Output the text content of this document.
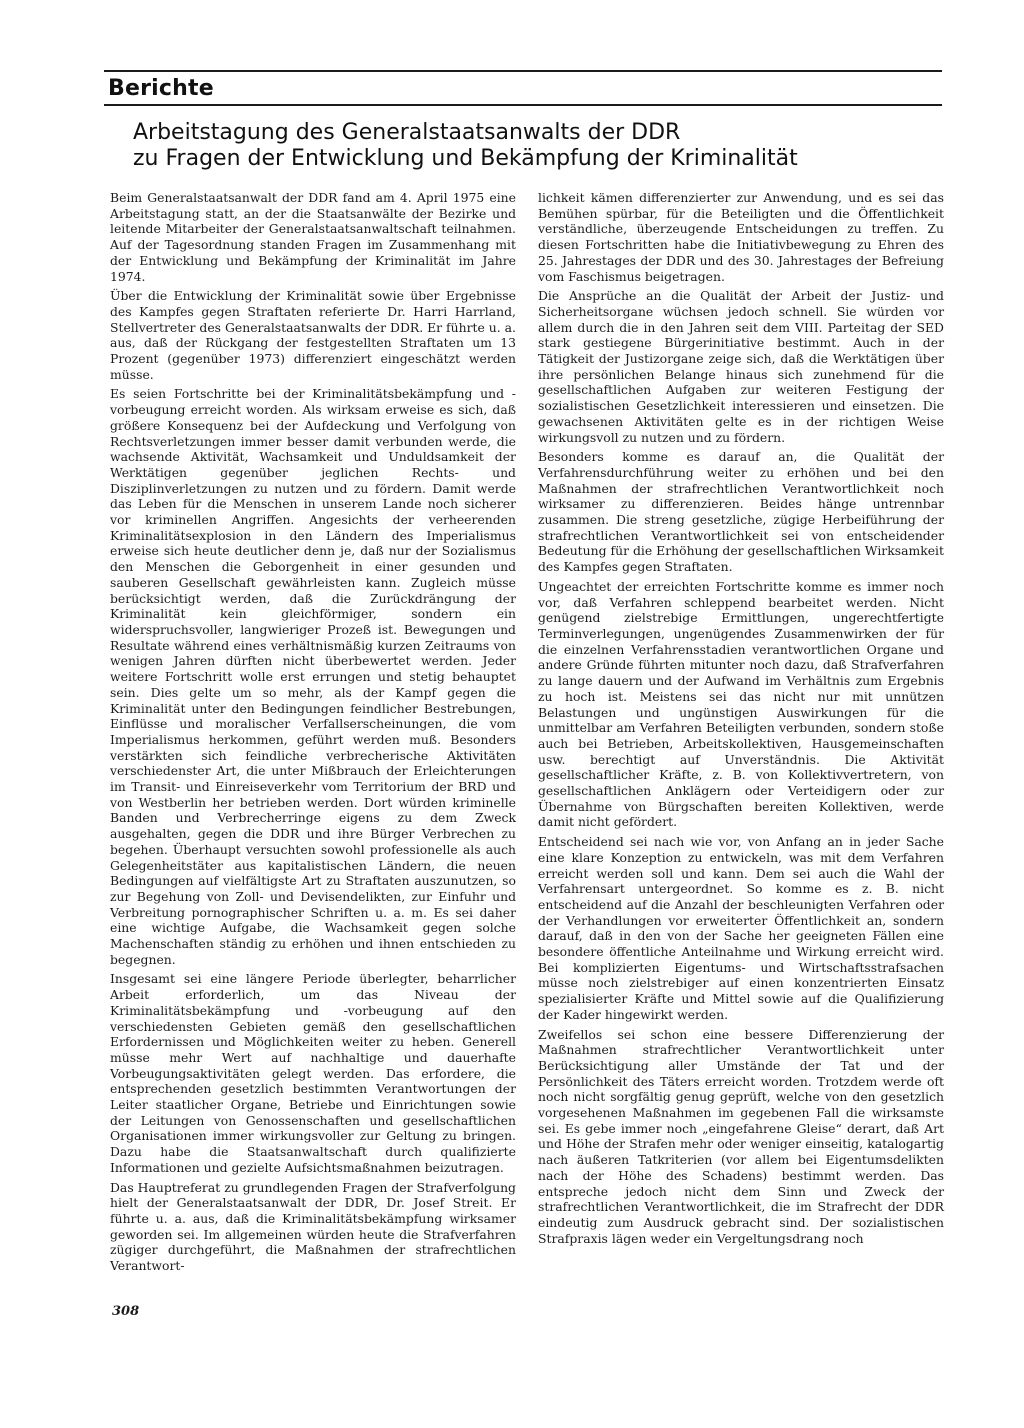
Berichte
Arbeitstagung des Generalstaatsanwalts der DDR
zu Fragen der Entwicklung und Bekämpfung der Kriminalität

Beim Generalstaatsanwalt der DDR fand am 4. April 1975 eine Arbeitstagung statt, an der die Staatsanwälte der Bezirke und leitende Mitarbeiter der Generalstaatsanwaltschaft teilnahmen. Auf der Tagesordnung standen Fragen im Zusammenhang mit der Entwicklung und Bekämpfung der Kriminalität im Jahre 1974.

Über die Entwicklung der Kriminalität sowie über Ergebnisse des Kampfes gegen Straftaten referierte Dr. Harri Harrland, Stellvertreter des Generalstaatsanwalts der DDR. Er führte u. a. aus, daß der Rückgang der festgestellten Straftaten um 13 Prozent (gegenüber 1973) differenziert eingeschätzt werden müsse.

Es seien Fortschritte bei der Kriminalitätsbekämpfung und -vorbeugung erreicht worden. Als wirksam erweise es sich, daß größere Konsequenz bei der Aufdeckung und Verfolgung von Rechtsverletzungen immer besser damit verbunden werde, die wachsende Aktivität, Wachsamkeit und Unduldsamkeit der Werktätigen gegenüber jeglichen Rechts- und Disziplinverletzungen zu nutzen und zu fördern. Damit werde das Leben für die Menschen in unserem Lande noch sicherer vor kriminellen Angriffen. Angesichts der verheerenden Kriminalitätsexplosion in den Ländern des Imperialismus erweise sich heute deutlicher denn je, daß nur der Sozialismus den Menschen die Geborgenheit in einer gesunden und sauberen Gesellschaft gewährleisten kann. Zugleich müsse berücksichtigt werden, daß die Zurückdrängung der Kriminalität kein gleichförmiger, sondern ein widerspruchsvoller, langwieriger Prozeß ist. Bewegungen und Resultate während eines verhältnismäßig kurzen Zeitraums von wenigen Jahren dürften nicht überbewertet werden. Jeder weitere Fortschritt wolle erst errungen und stetig behauptet sein. Dies gelte um so mehr, als der Kampf gegen die Kriminalität unter den Bedingungen feindlicher Bestrebungen, Einflüsse und moralischer Verfallserscheinungen, die vom Imperialismus herkommen, geführt werden muß. Besonders verstärkten sich feindliche verbrecherische Aktivitäten verschiedenster Art, die unter Mißbrauch der Erleichterungen im Transit- und Einreiseverkehr vom Territorium der BRD und von Westberlin her betrieben werden. Dort würden kriminelle Banden und Verbrecherringe eigens zu dem Zweck ausgehalten, gegen die DDR und ihre Bürger Verbrechen zu begehen. Überhaupt versuchten sowohl professionelle als auch Gelegenheitstäter aus kapitalistischen Ländern, die neuen Bedingungen auf vielfältigste Art zu Straftaten auszunutzen, so zur Begehung von Zoll- und Devisendelikten, zur Einfuhr und Verbreitung pornographischer Schriften u. a. m. Es sei daher eine wichtige Aufgabe, die Wachsamkeit gegen solche Machenschaften ständig zu erhöhen und ihnen entschieden zu begegnen.

Insgesamt sei eine längere Periode überlegter, beharrlicher Arbeit erforderlich, um das Niveau der Kriminalitätsbekämpfung und -vorbeugung auf den verschiedensten Gebieten gemäß den gesellschaftlichen Erfordernissen und Möglichkeiten weiter zu heben. Generell müsse mehr Wert auf nachhaltige und dauerhafte Vorbeugungsaktivitäten gelegt werden. Das erfordere, die entsprechenden gesetzlich bestimmten Verantwortungen der Leiter staatlicher Organe, Betriebe und Einrichtungen sowie der Leitungen von Genossenschaften und gesellschaftlichen Organisationen immer wirkungsvoller zur Geltung zu bringen. Dazu habe die Staatsanwaltschaft durch qualifizierte Informationen und gezielte Aufsichtsmaßnahmen beizutragen.

Das Hauptreferat zu grundlegenden Fragen der Strafverfolgung hielt der Generalstaatsanwalt der DDR, Dr. Josef Streit. Er führte u. a. aus, daß die Kriminalitätsbekämpfung wirksamer geworden sei. Im allgemeinen würden heute die Strafverfahren zügiger durchgeführt, die Maßnahmen der strafrechtlichen Verantwort-

lichkeit kämen differenzierter zur Anwendung, und es sei das Bemühen spürbar, für die Beteiligten und die Öffentlichkeit verständliche, überzeugende Entscheidungen zu treffen. Zu diesen Fortschritten habe die Initiativbewegung zu Ehren des 25. Jahrestages der DDR und des 30. Jahrestages der Befreiung vom Faschismus beigetragen.

Die Ansprüche an die Qualität der Arbeit der Justiz- und Sicherheitsorgane wüchsen jedoch schnell. Sie würden vor allem durch die in den Jahren seit dem VIII. Parteitag der SED stark gestiegene Bürgerinitiative bestimmt. Auch in der Tätigkeit der Justizorgane zeige sich, daß die Werktätigen über ihre persönlichen Belange hinaus sich zunehmend für die gesellschaftlichen Aufgaben zur weiteren Festigung der sozialistischen Gesetzlichkeit interessieren und einsetzen. Die gewachsenen Aktivitäten gelte es in der richtigen Weise wirkungsvoll zu nutzen und zu fördern.

Besonders komme es darauf an, die Qualität der Verfahrensdurchführung weiter zu erhöhen und bei den Maßnahmen der strafrechtlichen Verantwortlichkeit noch wirksamer zu differenzieren. Beides hänge untrennbar zusammen. Die streng gesetzliche, zügige Herbeiführung der strafrechtlichen Verantwortlichkeit sei von entscheidender Bedeutung für die Erhöhung der gesellschaftlichen Wirksamkeit des Kampfes gegen Straftaten.

Ungeachtet der erreichten Fortschritte komme es immer noch vor, daß Verfahren schleppend bearbeitet werden. Nicht genügend zielstrebige Ermittlungen, ungerechtfertigte Terminverlegungen, ungenügendes Zusammenwirken der für die einzelnen Verfahrensstadien verantwortlichen Organe und andere Gründe führten mitunter noch dazu, daß Strafverfahren zu lange dauern und der Aufwand im Verhältnis zum Ergebnis zu hoch ist. Meistens sei das nicht nur mit unnützen Belastungen und ungünstigen Auswirkungen für die unmittelbar am Verfahren Beteiligten verbunden, sondern stoße auch bei Betrieben, Arbeitskollektiven, Hausgemeinschaften usw. berechtigt auf Unverständnis. Die Aktivität gesellschaftlicher Kräfte, z. B. von Kollektivvertretern, von gesellschaftlichen Anklägern oder Verteidigern oder zur Übernahme von Bürgschaften bereiten Kollektiven, werde damit nicht gefördert.

Entscheidend sei nach wie vor, von Anfang an in jeder Sache eine klare Konzeption zu entwickeln, was mit dem Verfahren erreicht werden soll und kann. Dem sei auch die Wahl der Verfahrensart untergeordnet. So komme es z. B. nicht entscheidend auf die Anzahl der beschleunigten Verfahren oder der Verhandlungen vor erweiterter Öffentlichkeit an, sondern darauf, daß in den von der Sache her geeigneten Fällen eine besondere öffentliche Anteilnahme und Wirkung erreicht wird. Bei komplizierten Eigentums- und Wirtschaftsstrafsachen müsse noch zielstrebiger auf einen konzentrierten Einsatz spezialisierter Kräfte und Mittel sowie auf die Qualifizierung der Kader hingewirkt werden.

Zweifellos sei schon eine bessere Differenzierung der Maßnahmen strafrechtlicher Verantwortlichkeit unter Berücksichtigung aller Umstände der Tat und der Persönlichkeit des Täters erreicht worden. Trotzdem werde oft noch nicht sorgfältig genug geprüft, welche von den gesetzlich vorgesehenen Maßnahmen im gegebenen Fall die wirksamste sei. Es gebe immer noch „eingefahrene Gleise“ derart, daß Art und Höhe der Strafen mehr oder weniger einseitig, katalogartig nach äußeren Tatkriterien (vor allem bei Eigentumsdelikten nach der Höhe des Schadens) bestimmt werden. Das entspreche jedoch nicht dem Sinn und Zweck der strafrechtlichen Verantwortlichkeit, die im Strafrecht der DDR eindeutig zum Ausdruck gebracht sind. Der sozialistischen Strafpraxis lägen weder ein Vergeltungsdrang noch

308
